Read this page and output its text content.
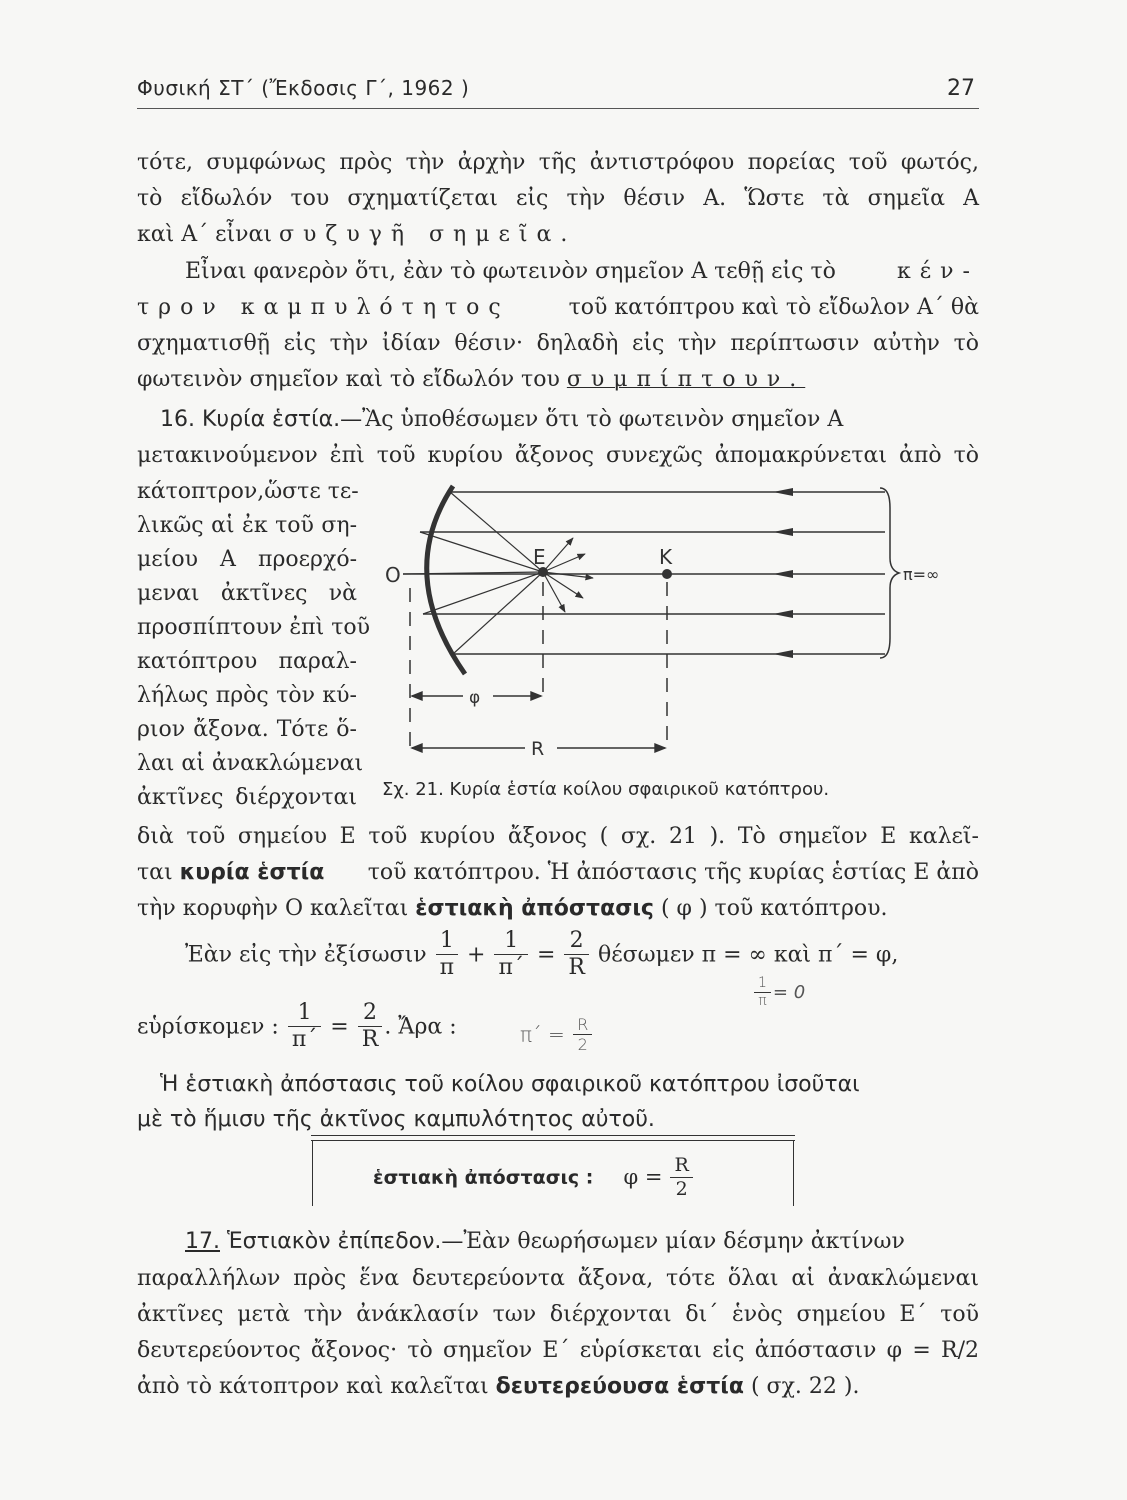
Φυσική ΣΤ΄ (Ἔκδοσις Γ΄, 1962 )	27
τότε, συμφώνως πρὸς τὴν ἀρχὴν τῆς ἀντιστρόφου πορείας τοῦ φωτός,
τὸ εἴδωλόν του σχηματίζεται εἰς τὴν θέσιν Α. Ὥστε τὰ σημεῖα Α
καὶ Α΄ εἶναι συζυγῆ σημεῖα.
Εἶναι φανερὸν ὅτι, ἐὰν τὸ φωτεινὸν σημεῖον Α τεθῇ εἰς τὸ	κέν-
τρον καμπυλότητος	τοῦ κατόπτρου καὶ τὸ εἴδωλον Α΄ θὰ
σχηματισθῇ εἰς τὴν ἰδίαν θέσιν· δηλαδὴ εἰς τὴν περίπτωσιν αὐτὴν τὸ
φωτεινὸν σημεῖον καὶ τὸ εἴδωλόν του συμπίπτουν.
16. Κυρία ἑστία.—Ἂς ὑποθέσωμεν ὅτι τὸ φωτεινὸν σημεῖον Α
μετακινούμενον ἐπὶ τοῦ κυρίου ἄξονος συνεχῶς ἀπομακρύνεται ἀπὸ τὸ
κάτοπτρον,ὥστε τε-
λικῶς αἱ ἐκ τοῦ ση-
μείου Α προερχό-
μεναι ἀκτῖνες νὰ
προσπίπτουν ἐπὶ τοῦ
κατόπτρου παραλ-
λήλως πρὸς τὸν κύ-
ριον ἄξονα. Τότε ὅ-
λαι αἱ ἀνακλώμεναι
ἀκτῖνες διέρχονται
π=∞
φ
R
O
E	K
Σχ. 21. Κυρία ἑστία κοίλου σφαιρικοῦ κατόπτρου.
διὰ τοῦ σημείου Ε τοῦ κυρίου ἄξονος ( σχ. 21 ). Τὸ σημεῖον Ε καλεῖ-
ται κυρία ἑστία τοῦ κατόπτρου. Ἡ ἀπόστασις τῆς κυρίας ἑστίας Ε ἀπὸ
τὴν κορυφὴν Ο καλεῖται ἑστιακὴ ἀπόστασις ( φ ) τοῦ κατόπτρου.
Ἐὰν εἰς τὴν ἐξίσωσιν $\frac{1}{\pi} + \frac{1}{\pi΄} = \frac{2}{R}$ θέσωμεν π = ∞ καὶ π΄ = φ,
$\frac{1}{\pi} = 0$
εὑρίσκομεν : $\frac{1}{\pi΄} = \frac{2}{R}$ . Ἄρα :	$\pi΄ = \frac{R}{2}$
Ἡ ἑστιακὴ ἀπόστασις τοῦ κοίλου σφαιρικοῦ κατόπτρου ἰσοῦται
μὲ τὸ ἥμισυ τῆς ἀκτῖνος καμπυλότητος αὐτοῦ.
ἑστιακὴ ἀπόστασις : $\varphi = \frac{R}{2}$
17. Ἑστιακὸν ἐπίπεδον.—Ἐὰν θεωρήσωμεν μίαν δέσμην ἀκτίνων
παραλλήλων πρὸς ἕνα δευτερεύοντα ἄξονα, τότε ὅλαι αἱ ἀνακλώμεναι
ἀκτῖνες μετὰ τὴν ἀνάκλασίν των διέρχονται δι΄ ἑνὸς σημείου Ε΄ τοῦ
δευτερεύοντος ἄξονος· τὸ σημεῖον Ε΄ εὑρίσκεται εἰς ἀπόστασιν φ = R/2
ἀπὸ τὸ κάτοπτρον καὶ καλεῖται δευτερεύουσα ἑστία ( σχ. 22 ).
